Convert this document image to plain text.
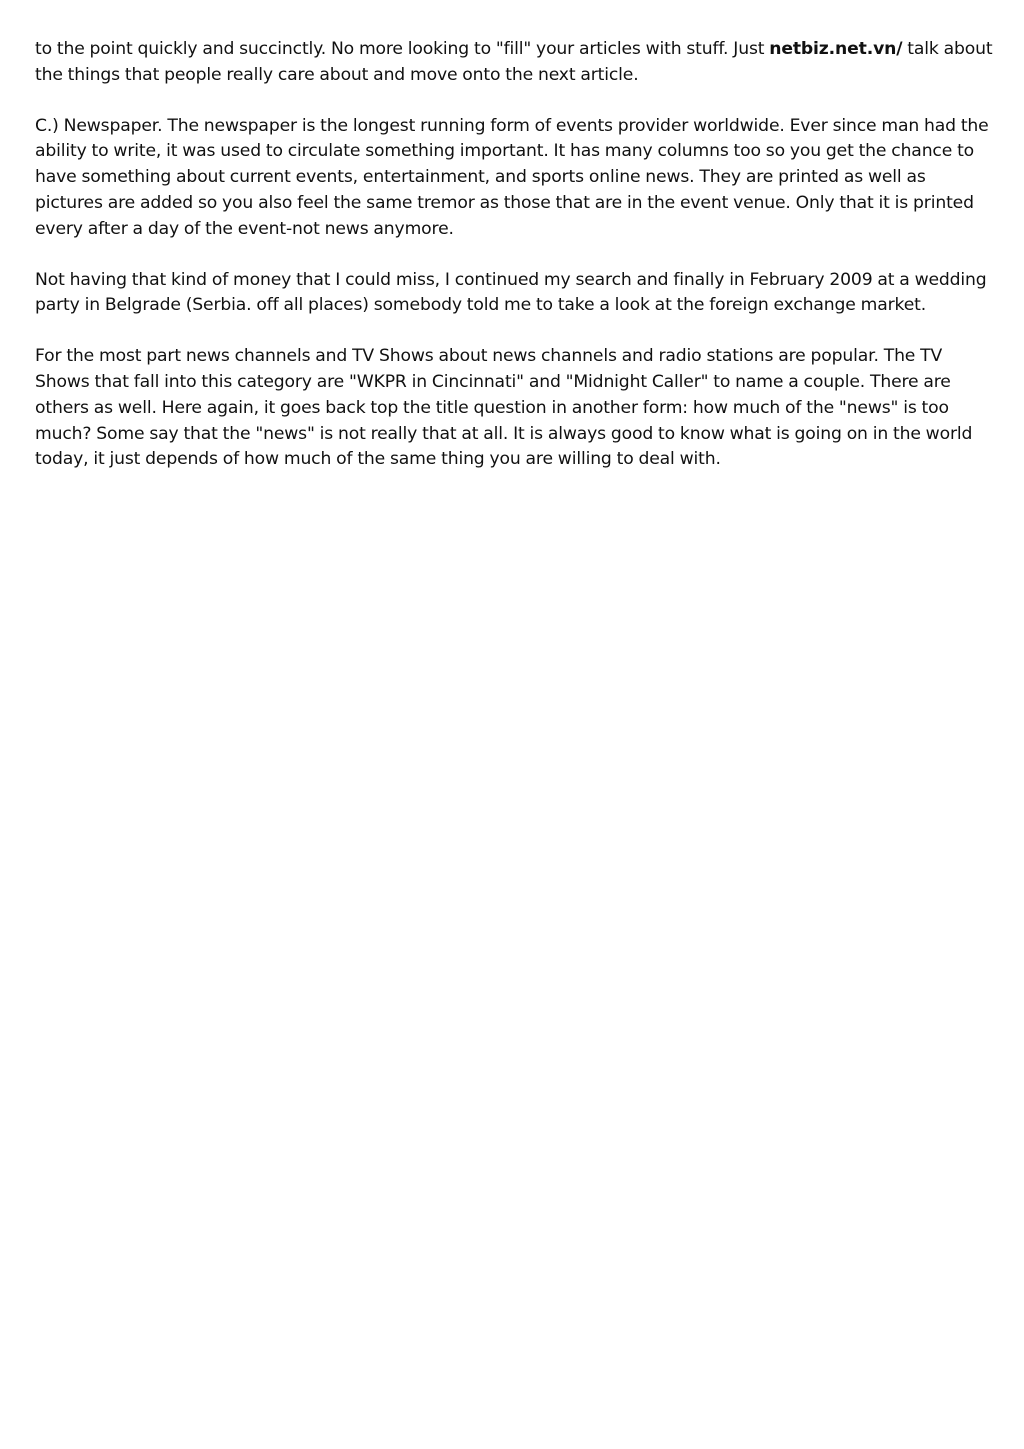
to the point quickly and succinctly. No more looking to "fill" your articles with stuff. Just netbiz.net.vn/ talk about the things that people really care about and move onto the next article.

C.) Newspaper. The newspaper is the longest running form of events provider worldwide. Ever since man had the ability to write, it was used to circulate something important. It has many columns too so you get the chance to have something about current events, entertainment, and sports online news. They are printed as well as pictures are added so you also feel the same tremor as those that are in the event venue. Only that it is printed every after a day of the event-not news anymore.

Not having that kind of money that I could miss, I continued my search and finally in February 2009 at a wedding party in Belgrade (Serbia. off all places) somebody told me to take a look at the foreign exchange market.

For the most part news channels and TV Shows about news channels and radio stations are popular. The TV Shows that fall into this category are "WKPR in Cincinnati" and "Midnight Caller" to name a couple. There are others as well. Here again, it goes back top the title question in another form: how much of the "news" is too much? Some say that the "news" is not really that at all. It is always good to know what is going on in the world today, it just depends of how much of the same thing you are willing to deal with.
